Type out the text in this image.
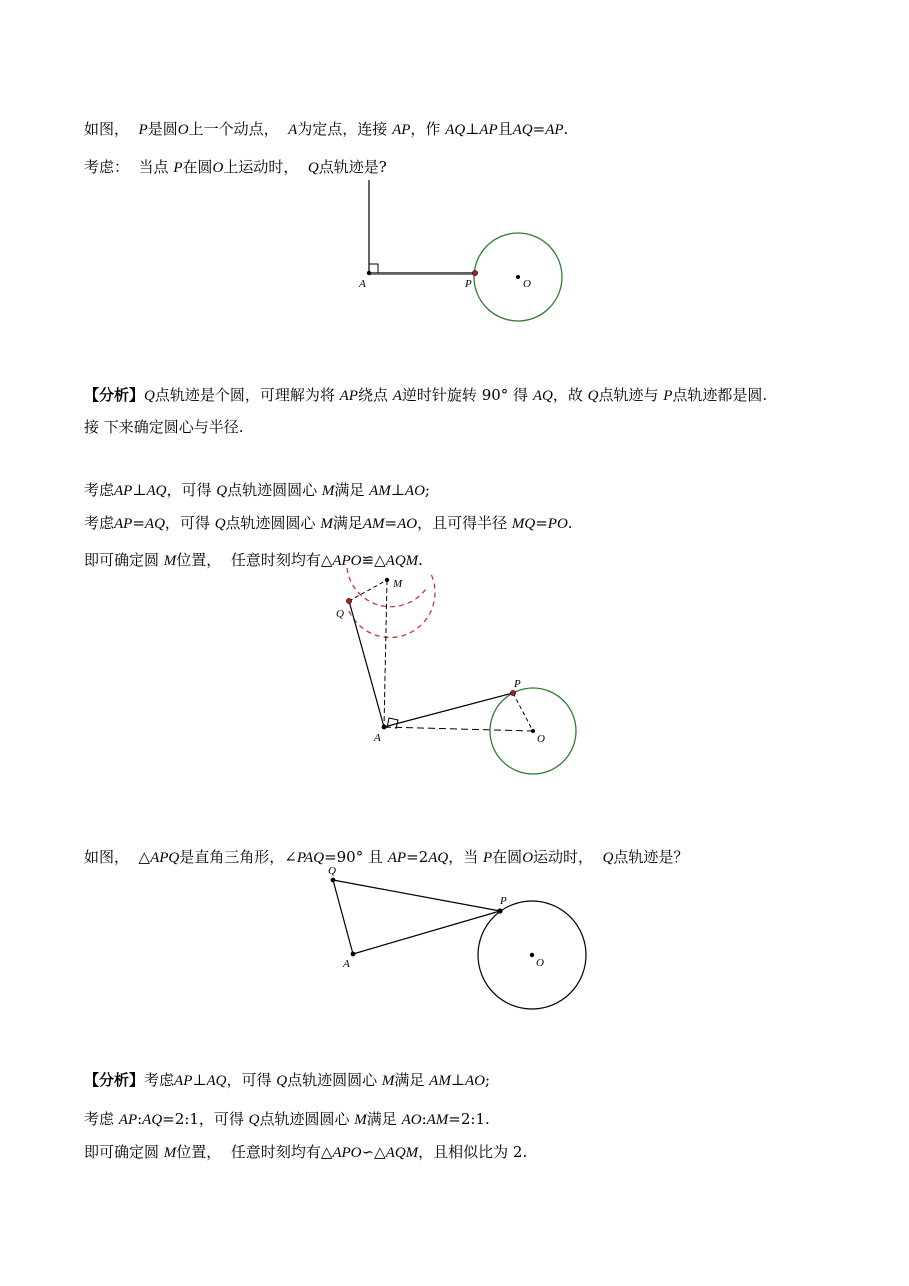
如图，  P是圆O上一个动点，  A为定点，连接 AP，作 AQ⊥AP且AQ=AP.

考虑：  当点 P在圆O上运动时，  Q点轨迹是?

A	P	O

【分析】Q点轨迹是个圆，可理解为将 AP绕点 A逆时针旋转 90° 得 AQ，故 Q点轨迹与 P点轨迹都是圆.

接 下来确定圆心与半径.

考虑AP⊥AQ，可得 Q点轨迹圆圆心 M满足 AM⊥AO;

考虑AP=AQ，可得 Q点轨迹圆圆心 M满足AM=AO，且可得半径 MQ=PO.

即可确定圆 M位置，  任意时刻均有△APO≌△AQM.

A
P
O
Q
M

如图，  △APQ是直角三角形，∠PAQ=90° 且 AP=2AQ，当 P在圆O运动时，  Q点轨迹是？

Q
A
P
O

【分析】考虑AP⊥AQ，可得 Q点轨迹圆圆心 M满足 AM⊥AO;

考虑 AP:AQ=2:1，可得 Q点轨迹圆圆心 M满足 AO:AM=2:1.

即可确定圆 M位置，  任意时刻均有△APO∽△AQM，且相似比为 2.
